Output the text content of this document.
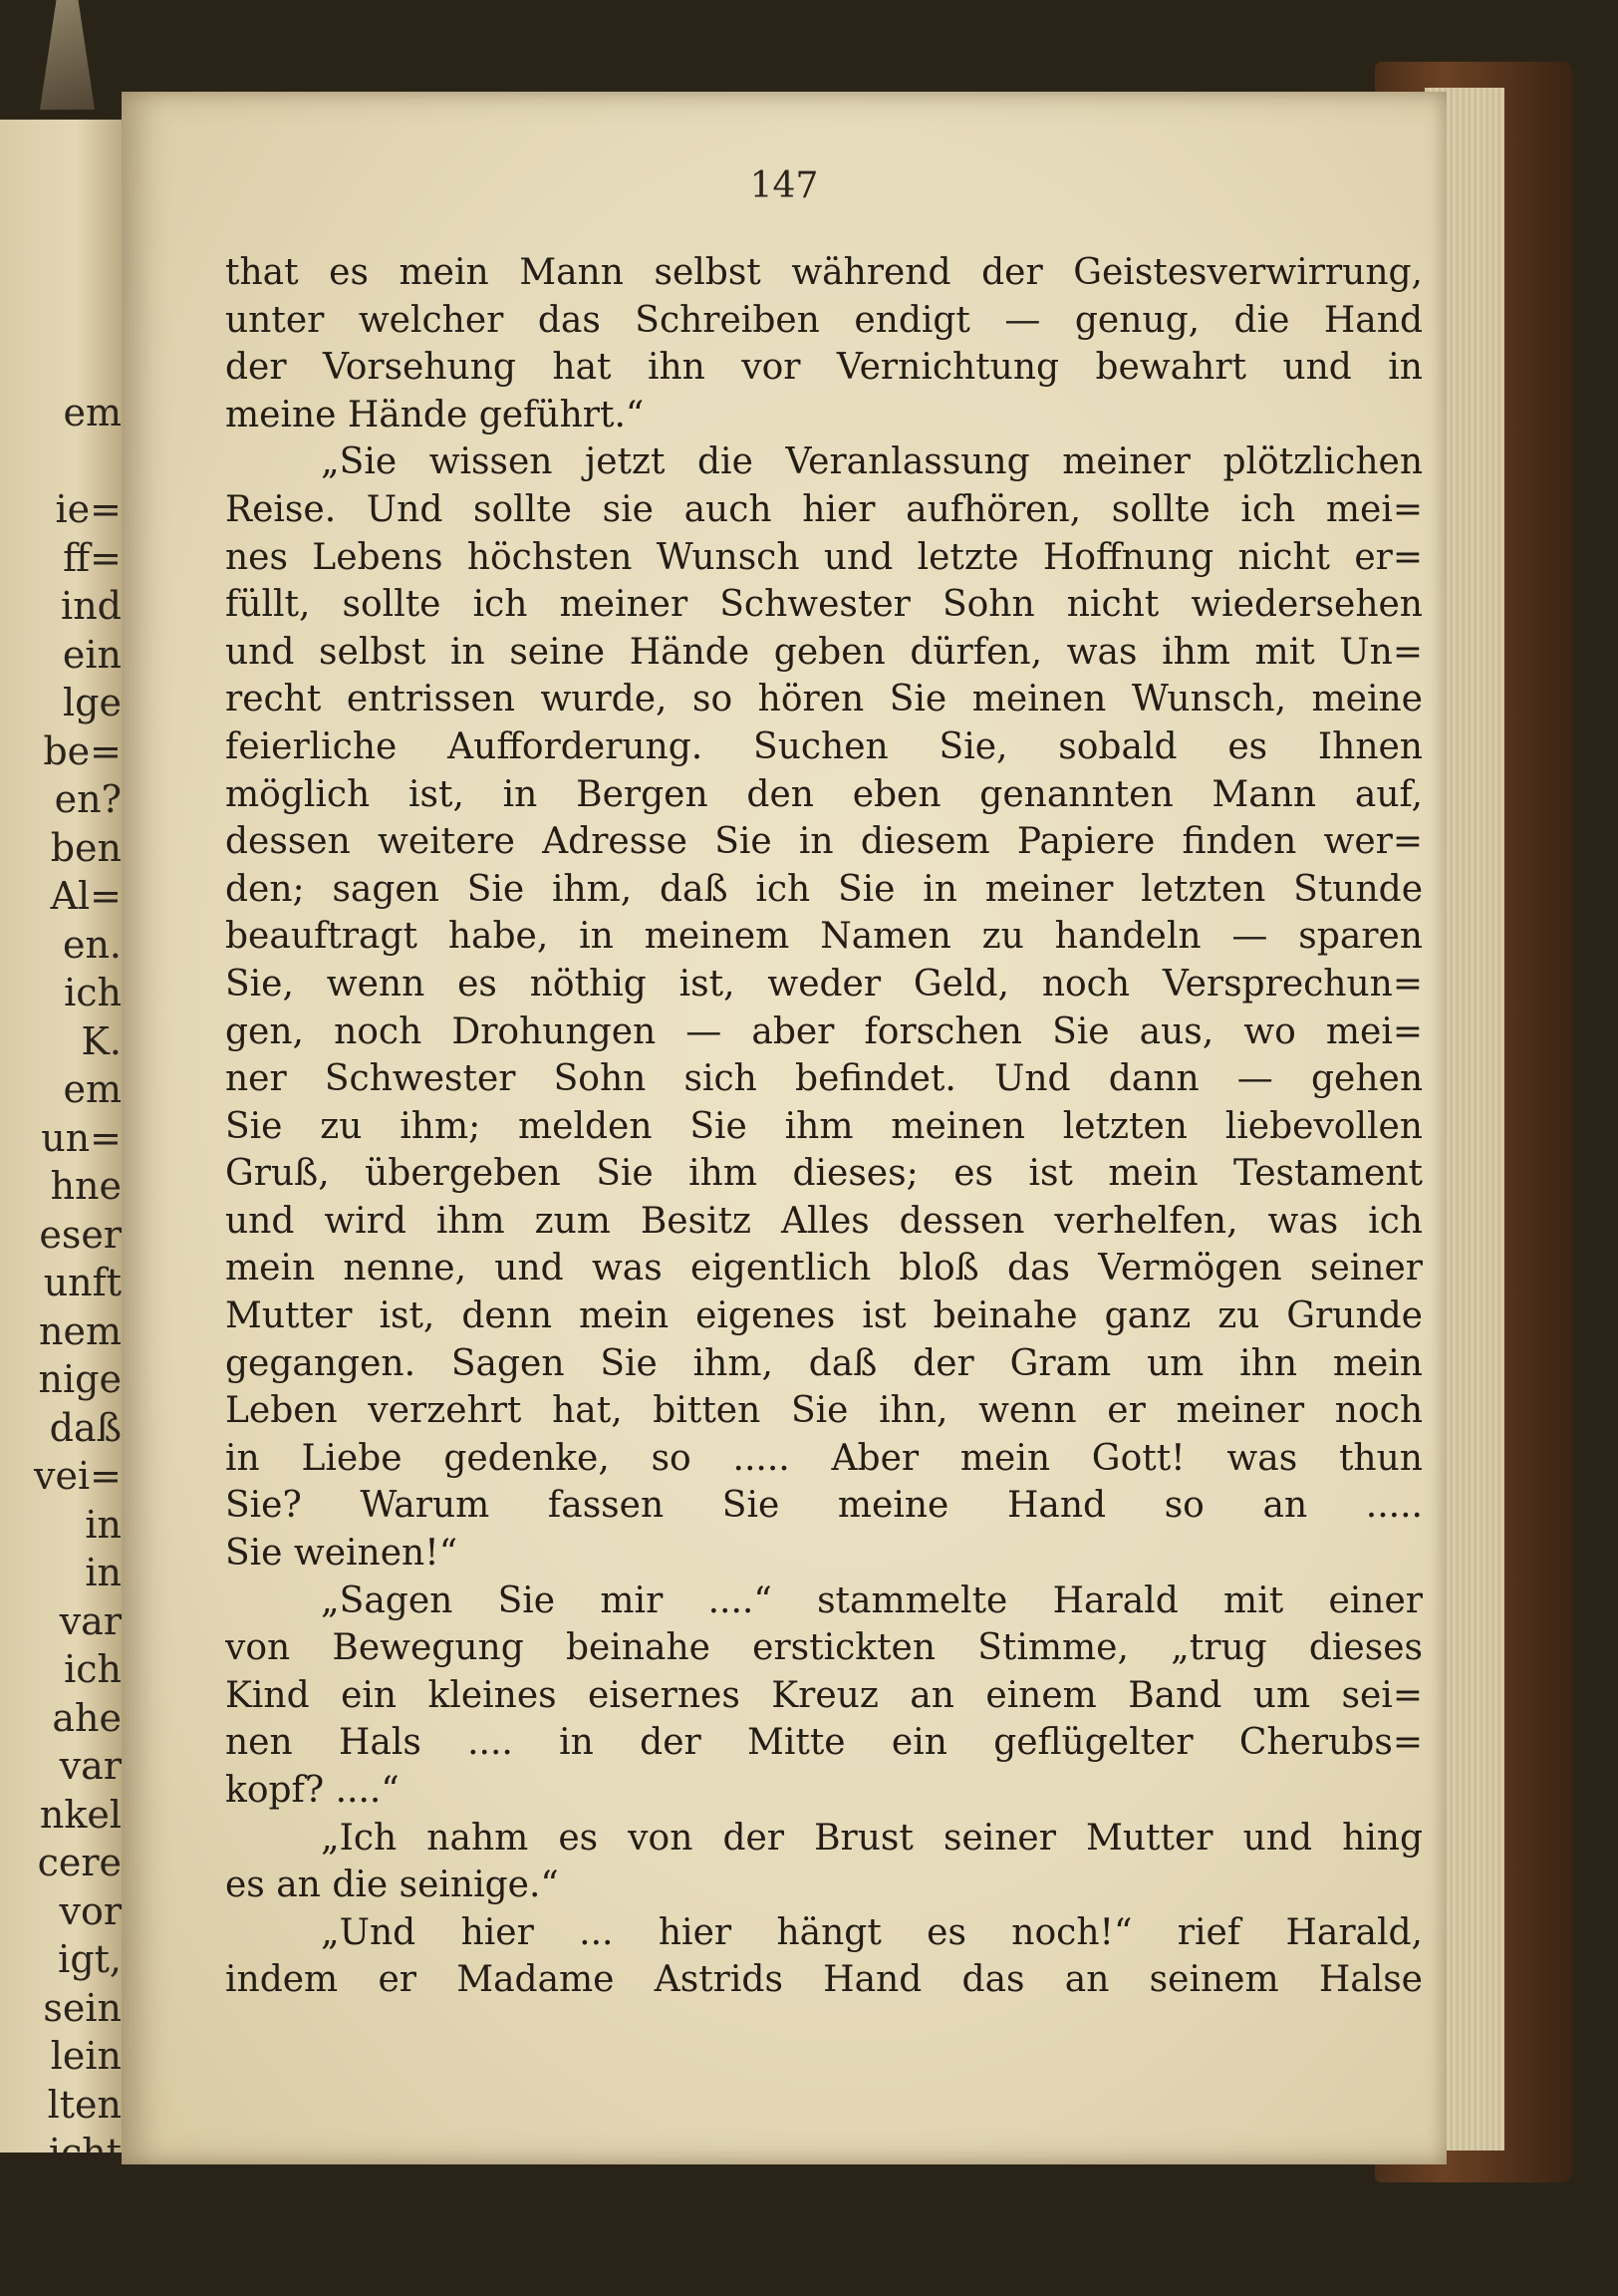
em
ie=
ff=
ind
ein
lge
be=
en?
ben
Al=
en.
ich
K.
em
un=
hne
eser
unft
nem
nige
daß
vei=
in
in
var
ich
ahe
var
nkel
cere
vor
igt,
sein
lein
lten
icht
147
that es mein Mann selbst während der Geistesverwirrung,
unter welcher das Schreiben endigt — genug, die Hand
der Vorsehung hat ihn vor Vernichtung bewahrt und in
meine Hände geführt.“
„Sie wissen jetzt die Veranlassung meiner plötzlichen
Reise. Und sollte sie auch hier aufhören, sollte ich mei=
nes Lebens höchsten Wunsch und letzte Hoffnung nicht er=
füllt, sollte ich meiner Schwester Sohn nicht wiedersehen
und selbst in seine Hände geben dürfen, was ihm mit Un=
recht entrissen wurde, so hören Sie meinen Wunsch, meine
feierliche Aufforderung. Suchen Sie, sobald es Ihnen
möglich ist, in Bergen den eben genannten Mann auf,
dessen weitere Adresse Sie in diesem Papiere finden wer=
den; sagen Sie ihm, daß ich Sie in meiner letzten Stunde
beauftragt habe, in meinem Namen zu handeln — sparen
Sie, wenn es nöthig ist, weder Geld, noch Versprechun=
gen, noch Drohungen — aber forschen Sie aus, wo mei=
ner Schwester Sohn sich befindet. Und dann — gehen
Sie zu ihm; melden Sie ihm meinen letzten liebevollen
Gruß, übergeben Sie ihm dieses; es ist mein Testament
und wird ihm zum Besitz Alles dessen verhelfen, was ich
mein nenne, und was eigentlich bloß das Vermögen seiner
Mutter ist, denn mein eigenes ist beinahe ganz zu Grunde
gegangen. Sagen Sie ihm, daß der Gram um ihn mein
Leben verzehrt hat, bitten Sie ihn, wenn er meiner noch
in Liebe gedenke, so ..... Aber mein Gott! was thun
Sie? Warum fassen Sie meine Hand so an .....
Sie weinen!“
„Sagen Sie mir ....“ stammelte Harald mit einer
von Bewegung beinahe erstickten Stimme, „trug dieses
Kind ein kleines eisernes Kreuz an einem Band um sei=
nen Hals .... in der Mitte ein geflügelter Cherubs=
kopf? ....“
„Ich nahm es von der Brust seiner Mutter und hing
es an die seinige.“
„Und hier ... hier hängt es noch!“ rief Harald,
indem er Madame Astrids Hand das an seinem Halse
